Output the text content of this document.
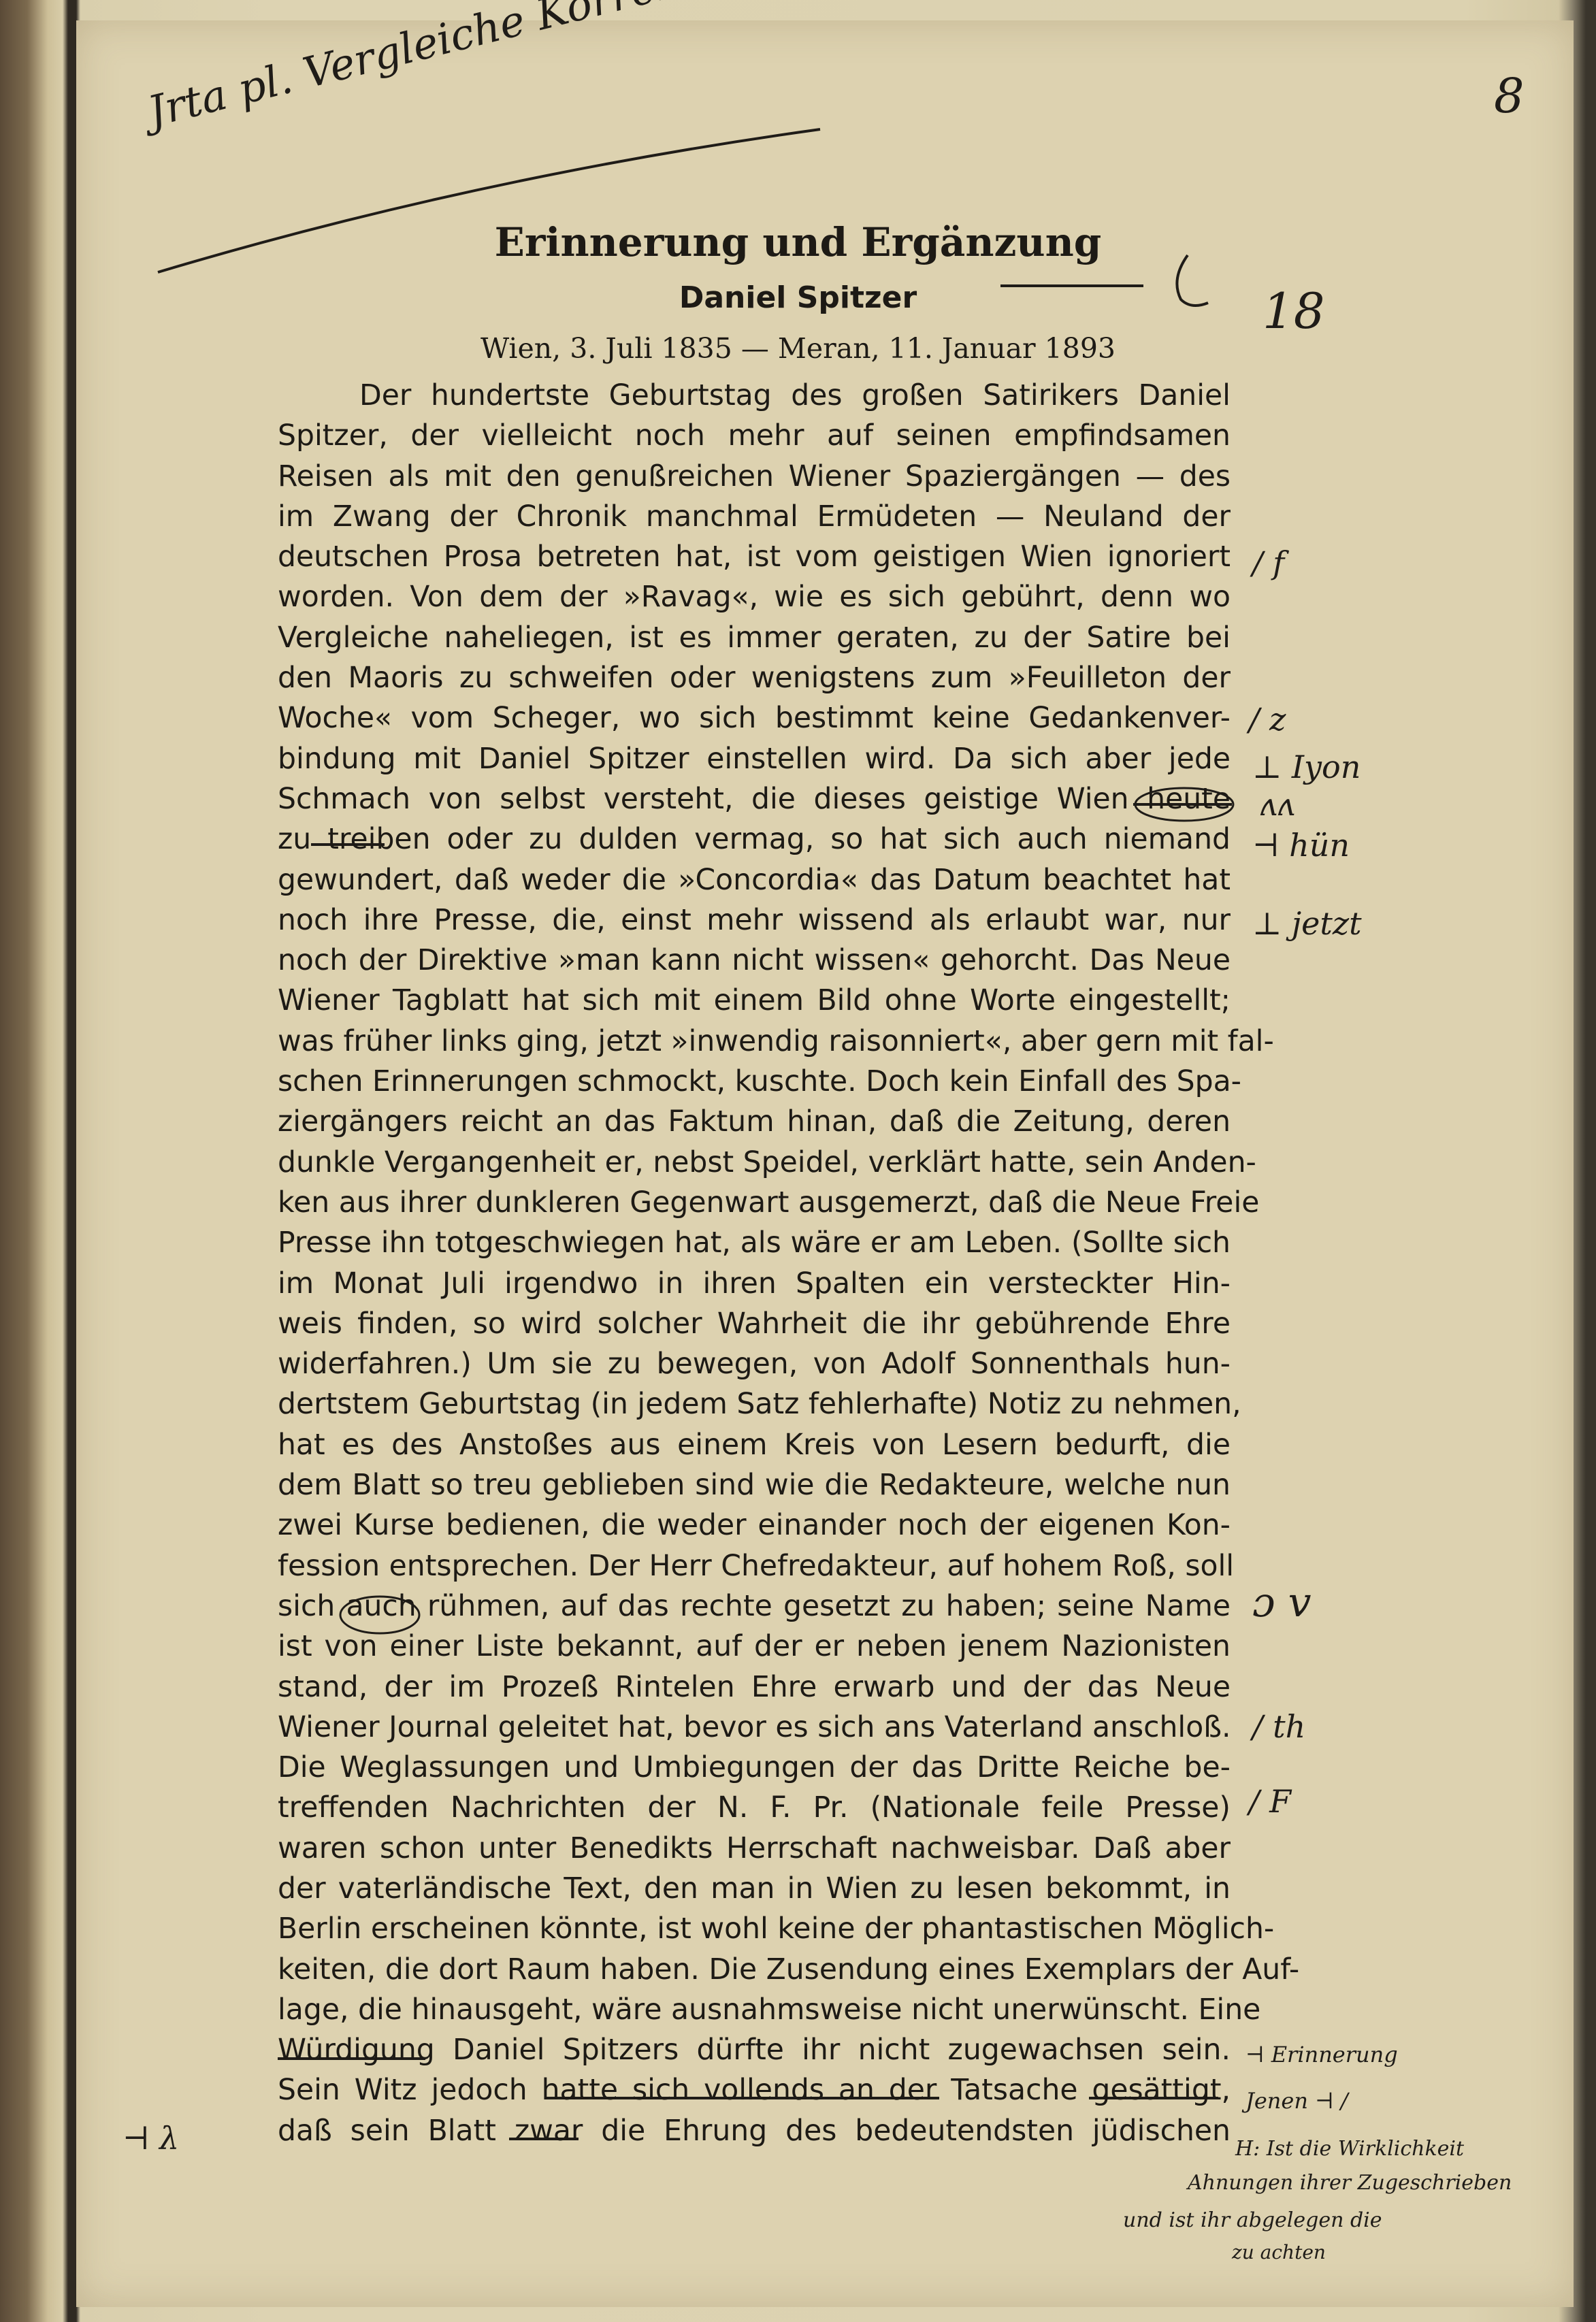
8
Erinnerung und Ergänzung
Daniel Spitzer
Wien, 3. Juli 1835 — Meran, 11. Januar 1893
Der hundertste Geburtstag des großen Satirikers Daniel
Spitzer, der vielleicht noch mehr auf seinen empfindsamen
Reisen als mit den genußreichen Wiener Spaziergängen — des
im Zwang der Chronik manchmal Ermüdeten — Neuland der
deutschen Prosa betreten hat, ist vom geistigen Wien ignoriert
worden. Von dem der »Ravag«, wie es sich gebührt, denn wo
Vergleiche naheliegen, ist es immer geraten, zu der Satire bei
den Maoris zu schweifen oder wenigstens zum »Feuilleton der
Woche« vom Scheger, wo sich bestimmt keine Gedankenver-
bindung mit Daniel Spitzer einstellen wird. Da sich aber jede
Schmach von selbst versteht, die dieses geistige Wien heute
zu treiben oder zu dulden vermag, so hat sich auch niemand
gewundert, daß weder die »Concordia« das Datum beachtet hat
noch ihre Presse, die, einst mehr wissend als erlaubt war, nur
noch der Direktive »man kann nicht wissen« gehorcht. Das Neue
Wiener Tagblatt hat sich mit einem Bild ohne Worte eingestellt;
was früher links ging, jetzt »inwendig raisonniert«, aber gern mit fal-
schen Erinnerungen schmockt, kuschte. Doch kein Einfall des Spa-
ziergängers reicht an das Faktum hinan, daß die Zeitung, deren
dunkle Vergangenheit er, nebst Speidel, verklärt hatte, sein Anden-
ken aus ihrer dunkleren Gegenwart ausgemerzt, daß die Neue Freie
Presse ihn totgeschwiegen hat, als wäre er am Leben. (Sollte sich
im Monat Juli irgendwo in ihren Spalten ein versteckter Hin-
weis finden, so wird solcher Wahrheit die ihr gebührende Ehre
widerfahren.) Um sie zu bewegen, von Adolf Sonnenthals hun-
dertstem Geburtstag (in jedem Satz fehlerhafte) Notiz zu nehmen,
hat es des Anstoßes aus einem Kreis von Lesern bedurft, die
dem Blatt so treu geblieben sind wie die Redakteure, welche nun
zwei Kurse bedienen, die weder einander noch der eigenen Kon-
fession entsprechen. Der Herr Chefredakteur, auf hohem Roß, soll
sich auch rühmen, auf das rechte gesetzt zu haben; seine Name
ist von einer Liste bekannt, auf der er neben jenem Nazionisten
stand, der im Prozeß Rintelen Ehre erwarb und der das Neue
Wiener Journal geleitet hat, bevor es sich ans Vaterland anschloß.
Die Weglassungen und Umbiegungen der das Dritte Reiche be-
treffenden Nachrichten der N. F. Pr. (Nationale feile Presse)
waren schon unter Benedikts Herrschaft nachweisbar. Daß aber
der vaterländische Text, den man in Wien zu lesen bekommt, in
Berlin erscheinen könnte, ist wohl keine der phantastischen Möglich-
keiten, die dort Raum haben. Die Zusendung eines Exemplars der Auf-
lage, die hinausgeht, wäre ausnahmsweise nicht unerwünscht. Eine
Würdigung Daniel Spitzers dürfte ihr nicht zugewachsen sein.
Sein Witz jedoch hatte sich vollends an der Tatsache gesättigt,
daß sein Blatt zwar die Ehrung des bedeutendsten jüdischen
18
/ f
/ z
⊥ Iyon
ʌʌ
⊣ hün
⊥ jetzt
ɔ v
/ th
/ F
⊣ Erinnerung
Jenen ⊣ /
⊣ λ	H: Ist die Wirklichkeit
Ahnungen ihrer Zugeschrieben
und ist ihr abgelegen die
zu achten
